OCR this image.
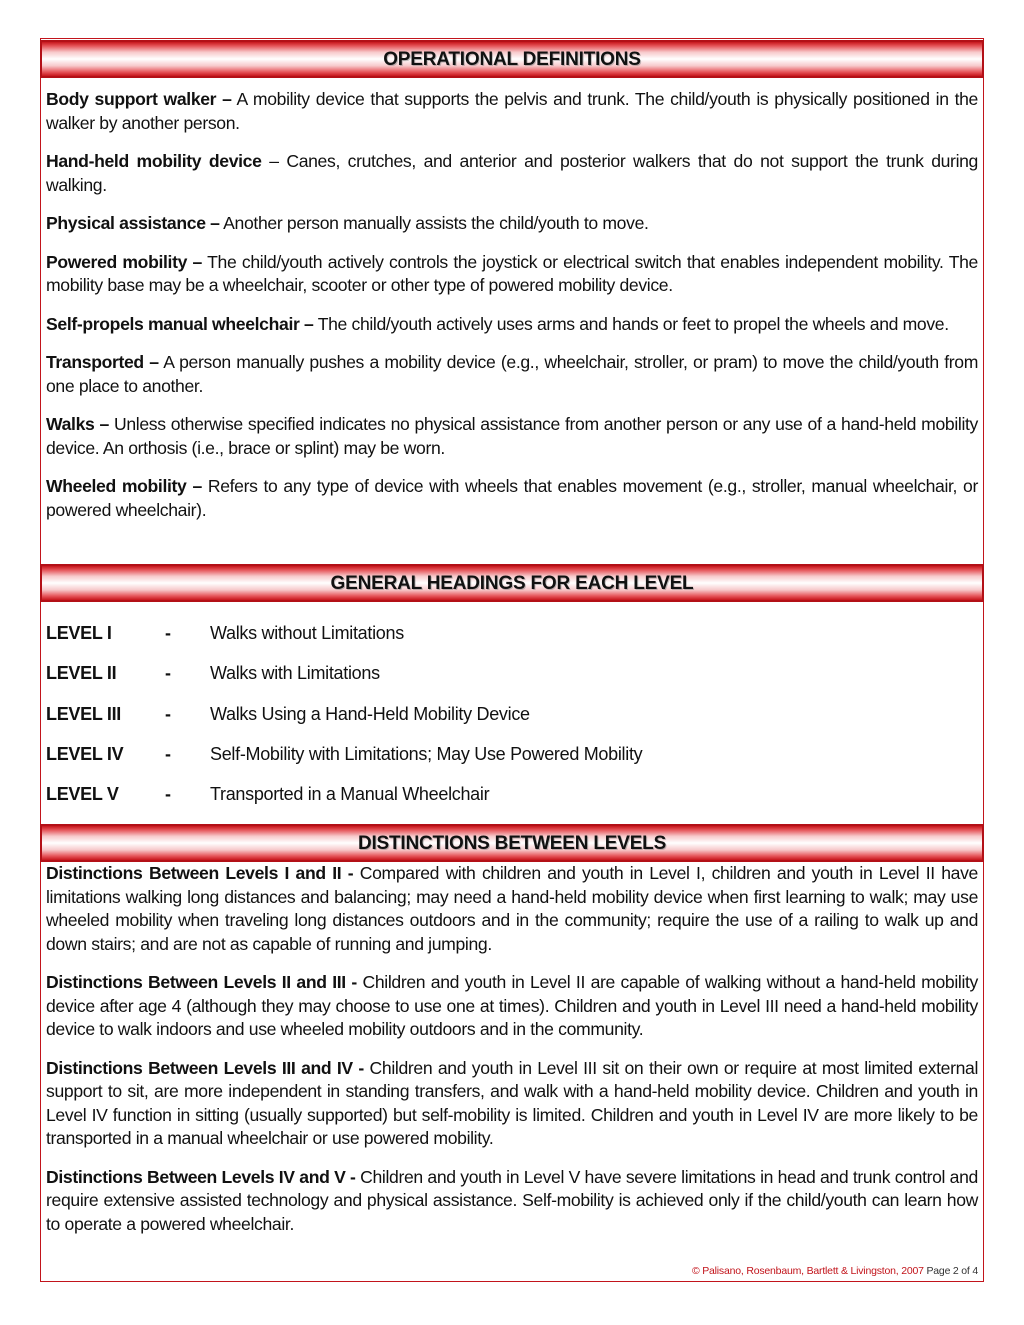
OPERATIONAL DEFINITIONS

Body support walker – A mobility device that supports the pelvis and trunk. The child/youth is physically positioned in the walker by another person.

Hand-held mobility device – Canes, crutches, and anterior and posterior walkers that do not support the trunk during walking.

Physical assistance – Another person manually assists the child/youth to move.

Powered mobility – The child/youth actively controls the joystick or electrical switch that enables independent mobility. The mobility base may be a wheelchair, scooter or other type of powered mobility device.

Self-propels manual wheelchair – The child/youth actively uses arms and hands or feet to propel the wheels and move.

Transported – A person manually pushes a mobility device (e.g., wheelchair, stroller, or pram) to move the child/youth from one place to another.

Walks – Unless otherwise specified indicates no physical assistance from another person or any use of a hand-held mobility device. An orthosis (i.e., brace or splint) may be worn.

Wheeled mobility – Refers to any type of device with wheels that enables movement (e.g., stroller, manual wheelchair, or powered wheelchair).

GENERAL HEADINGS FOR EACH LEVEL
LEVEL I	- Walks without Limitations
LEVEL II	- Walks with Limitations
LEVEL III - Walks Using a Hand-Held Mobility Device
LEVEL IV - Self-Mobility with Limitations; May Use Powered Mobility
LEVEL V	- Transported in a Manual Wheelchair
DISTINCTIONS BETWEEN LEVELS

Distinctions Between Levels I and II - Compared with children and youth in Level I, children and youth in Level II have limitations walking long distances and balancing; may need a hand-held mobility device when first learning to walk; may use wheeled mobility when traveling long distances outdoors and in the community; require the use of a railing to walk up and down stairs; and are not as capable of running and jumping.

Distinctions Between Levels II and III - Children and youth in Level II are capable of walking without a hand-held mobility device after age 4 (although they may choose to use one at times). Children and youth in Level III need a hand-held mobility device to walk indoors and use wheeled mobility outdoors and in the community.

Distinctions Between Levels III and IV - Children and youth in Level III sit on their own or require at most limited external support to sit, are more independent in standing transfers, and walk with a hand-held mobility device. Children and youth in Level IV function in sitting (usually supported) but self-mobility is limited. Children and youth in Level IV are more likely to be transported in a manual wheelchair or use powered mobility.

Distinctions Between Levels IV and V - Children and youth in Level V have severe limitations in head and trunk control and require extensive assisted technology and physical assistance. Self-mobility is achieved only if the child/youth can learn how to operate a powered wheelchair.

© Palisano, Rosenbaum, Bartlett & Livingston, 2007 Page 2 of 4
